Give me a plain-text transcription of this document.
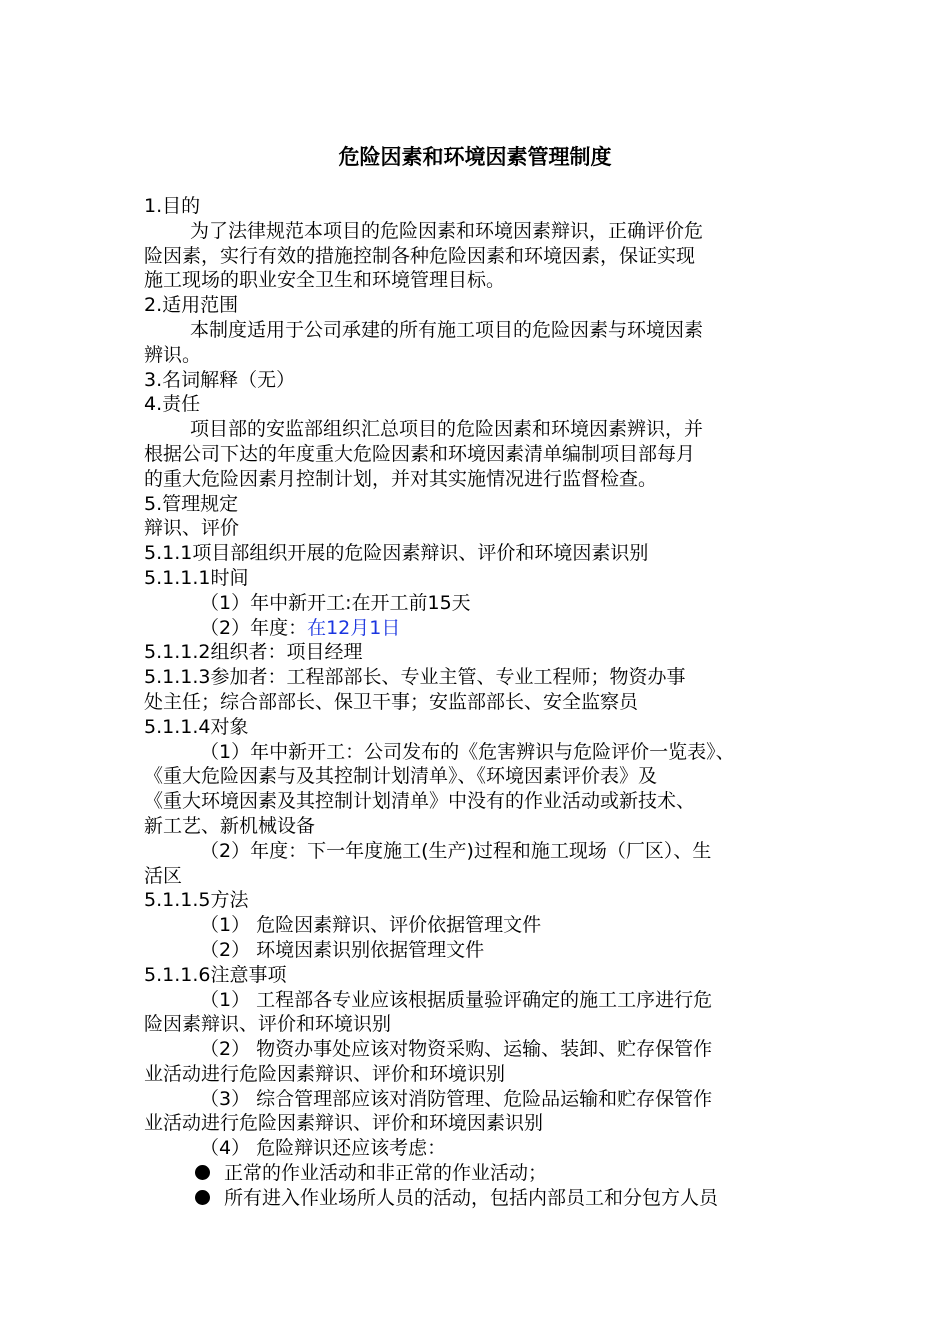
危险因素和环境因素管理制度
1.目的
为了法律规范本项目的危险因素和环境因素辩识，正确评价危
险因素，实行有效的措施控制各种危险因素和环境因素，保证实现
施工现场的职业安全卫生和环境管理目标。
2.适用范围
本制度适用于公司承建的所有施工项目的危险因素与环境因素
辨识。
3.名词解释（无）
4.责任
项目部的安监部组织汇总项目的危险因素和环境因素辨识，并
根据公司下达的年度重大危险因素和环境因素清单编制项目部每月
的重大危险因素月控制计划，并对其实施情况进行监督检查。
5.管理规定
辩识、评价
5.1.1项目部组织开展的危险因素辩识、评价和环境因素识别
5.1.1.1时间
（1）年中新开工:在开工前15天
（2）年度：在12月1日
5.1.1.2组织者：项目经理
5.1.1.3参加者：工程部部长、专业主管、专业工程师；物资办事
处主任；综合部部长、保卫干事；安监部部长、安全监察员
5.1.1.4对象
（1）年中新开工：公司发布的《危害辨识与危险评价一览表》、
《重大危险因素与及其控制计划清单》、《环境因素评价表》及
《重大环境因素及其控制计划清单》中没有的作业活动或新技术、
新工艺、新机械设备
（2）年度：下一年度施工(生产)过程和施工现场（厂区）、生
活区
5.1.1.5方法
（1） 危险因素辩识、评价依据管理文件
（2） 环境因素识别依据管理文件
5.1.1.6注意事项
（1） 工程部各专业应该根据质量验评确定的施工工序进行危
险因素辩识、评价和环境识别
（2） 物资办事处应该对物资采购、运输、装卸、贮存保管作
业活动进行危险因素辩识、评价和环境识别
（3） 综合管理部应该对消防管理、危险品运输和贮存保管作
业活动进行危险因素辩识、评价和环境因素识别
（4） 危险辩识还应该考虑：
正常的作业活动和非正常的作业活动；
所有进入作业场所人员的活动，包括内部员工和分包方人员
